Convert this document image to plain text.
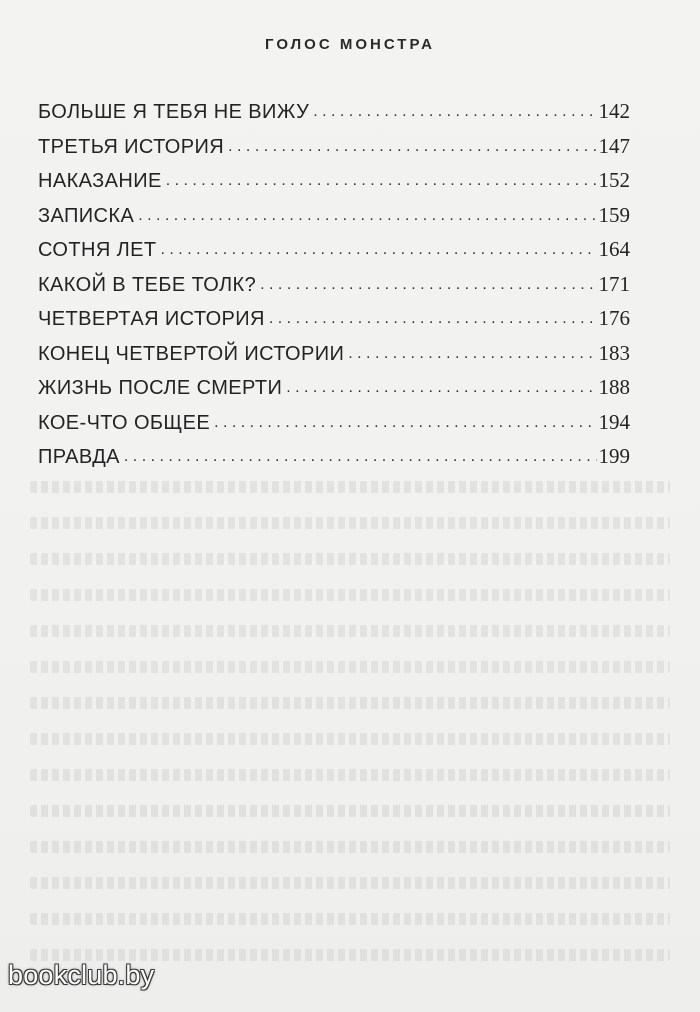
ГОЛОС МОНСТРА
БОЛЬШЕ Я ТЕБЯ НЕ ВИЖУ . . .	142
ТРЕТЬЯ ИСТОРИЯ . . .	147
НАКАЗАНИЕ . . .	152
ЗАПИСКА . . .	159
СОТНЯ ЛЕТ . . .	164
КАКОЙ В ТЕБЕ ТОЛК? . . .	171
ЧЕТВЕРТАЯ ИСТОРИЯ . . .	176
КОНЕЦ ЧЕТВЕРТОЙ ИСТОРИИ . . .	183
ЖИЗНЬ ПОСЛЕ СМЕРТИ . . .	188
КОЕ-ЧТО ОБЩЕЕ . . .	194
ПРАВДА . . .	199
bookclub.by
